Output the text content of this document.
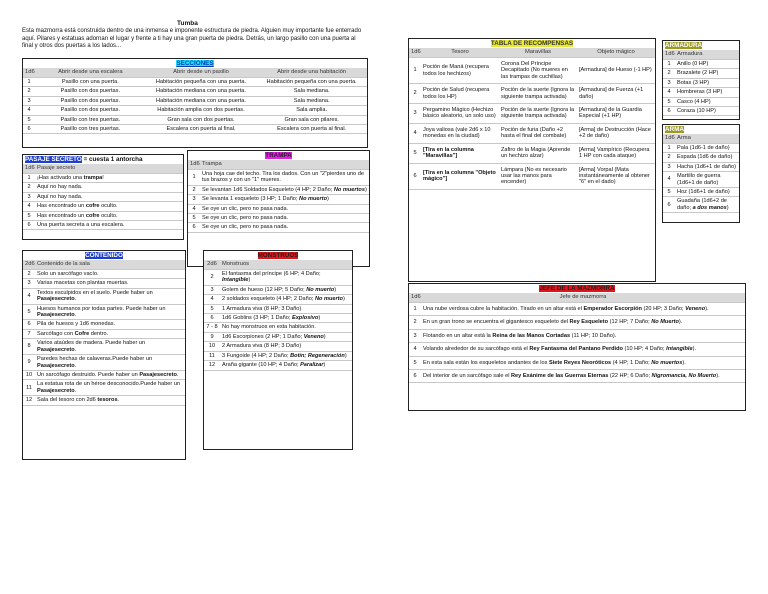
Tumba
Esta mazmorra está construida dentro de una inmensa e imponente estructura de piedra. Alguien muy importante fue enterrado aquí. Pilares y estatuas adornan el lugar y frente a ti hay una gran puerta de piedra. Detrás, un largo pasillo con una puerta al final y otros dos puertas a los lados...
SECCIONES
1d6	Abrir desde una escalera	Abrir desde un pasillo	Abrir desde una habitación
1	Pasillo con una puerta.	Habitación pequeña con una puerta.	Habitación pequeña con una puerta.
2	Pasillo con dos puertas.	Habitación mediana con una puerta.	Sala mediana.
3	Pasillo con dos puertas.	Habitación mediana con una puerta.	Sala mediana.
4	Pasillo con dos puertas.	Habitación amplia con dos puertas.	Sala amplia.
5	Pasillo con tres puertas.	Gran sala con dos puertas.	Gran sala con pilares.
6	Pasillo con tres puertas.	Escalera con puerta al final.	Escalera con puerta al final.
PASAJE SECRETO = cuesta 1 antorcha
1d6	Pasaje secreto
1	¡Has activado una trampa!
2	Aquí no hay nada.
3	Aquí no hay nada.
4	Has encontrado un cofre oculto.
5	Has encontrado un cofre oculto.
6	Una puerta secreta a una escalera.
TRAMPA
1d6	Trampa
1	Una hoja cae del techo. Tira los dados. Con un "2"pierdes uno de tus brazos y con un "1" mueres.
2	Se levantan 1d6 Soldados Esqueleto (4 HP; 2 Daño; No muertos)
3	Se levanta 1 esqueleto (3 HP; 1 Daño; No muerto)
4	Se oye un clic, pero no pasa nada.
5	Se oye un clic, pero no pasa nada.
6	Se oye un clic, pero no pasa nada.
CONTENIDO
2d6	Contenido de la sala
2	Solo un sarcófago vacío.
3	Varias macetas con plantas muertas.
4	Textos esculpidos en el suelo. Puede haber un Pasajesecreto.
5	Huesos humanos por todas partes. Puede haber un Pasajesecreto.
6	Pila de huesos y 1d6 monedas.
7	Sarcófago con Cofre dentro.
8	Varios ataúdes de madera. Puede haber un Pasajesecreto.
9	Paredes hechas de calaveras.Puede haber un Pasajesecreto.
10	Un sarcófago destruido. Puede haber un Pasajesecreto.
11	La estatua rota de un héroe desconocido.Puede haber un Pasajesecreto.
12	Sala del tesoro con 2d6 tesoros.
MONSTRUOS
2d6	Monstruos
2	El fantasma del príncipe (6 HP; 4 Daño; Intangible)
3	Golem de hueso (12 HP; 5 Daño; No muerto)
4	2 soldados esqueleto (4 HP; 2 Daño; No muerto)
5	1 Armadura viva (8 HP; 3 Daño)
6	1d6 Goblins (3 HP; 1 Daño; Explosivo)
7 - 8	No hay monstruos en esta habitación.
9	1d6 Escorpiones (2 HP; 1 Daño; Veneno)
10	2 Armadura viva (8 HP; 3 Daño)
11	3 Fungoide (4 HP; 2 Daño; Botín; Regeneración)
12	Araña gigante (10 HP; 4 Daño; Paralizar)
TABLA DE RECOMPENSAS
1d6	Tesoro	Maravillas	Objeto mágico
1	Poción de Maná (recupera todos los hechizos)	Corona Del Príncipe Decapitado (No mueres en las trampas de cuchillas)	[Armadura] de Hueso (-1 HP)
2	Poción de Salud (recupera todos los HP)	Poción de la suerte (Ignora la siguiente trampa activada)	[Armadura] de Fuerza (+1 daño)
3	Pergamino Mágico (Hechizo básico aleatorio, un solo uso)	Poción de la suerte (Ignora la siguiente trampa activada)	[Armadura] de la Guardia Especial (+1 HP)
4	Joya valiosa (vale 2d6 x 10 monedas en la ciudad)	Poción de furia (Daño +2 hasta el final del combate)	[Arma] de Destrucción (Hace +2 de daño)
5	[Tira en la columna "Maravillas"]	Zafiro de la Magia (Aprende un hechizo alzar)	[Arma] Vampírico (Recupera 1 HP con cada ataque)
6	[Tira en la columna "Objeto mágico"]	Lámpara (No es necesario usar las manos para encender)	[Arma] Vorpal (Mata instantáneamente al obtener "6" en el dado)
ARMADURA
1d6	Armadura
1	Anillo (0 HP)
2	Brazalete (2 HP)
3	Botas (3 HP)
4	Hombreras (3 HP)
5	Casco (4 HP)
6	Coraza (10 HP)
ARMA
1d6	Arma
1	Pala (1d6-1 de daño)
2	Espada (1d6 de daño)
3	Hacha (1d6+1 de daño)
4	Martillo de guerra (1d6+1 de daño)
5	Hoz (1d6+1 de daño)
6	Guadaña (1d6+2 de daño; a dos manos)
JEFE DE LA MAZMORRA
1d6	Jefe de mazmorra
1	Una nube verdosa cubre la habitación. Tirado en un altar está el Emperador Escorpión (20 HP; 3 Daño; Veneno).
2	En un gran trono se encuentra el gigantesco esqueleto del Rey Esqueleto (12 HP; 7 Daño; No Muerto).
3	Flotando en un altar está la Reina de las Manos Cortadas (11 HP; 10 Daño).
4	Volando alrededor de su sarcófago está el Rey Fantasma del Pantano Perdido (10 HP; 4 Daño; Intangible).
5	En esta sala están los esqueletos andantes de los Siete Reyes Neoróticos (4 HP; 1 Daño; No muertos).
6	Del interior de un sarcófago sale el Rey Exánime de las Guerras Eternas (22 HP; 6 Daño; Nigromancia, No Muerto).
